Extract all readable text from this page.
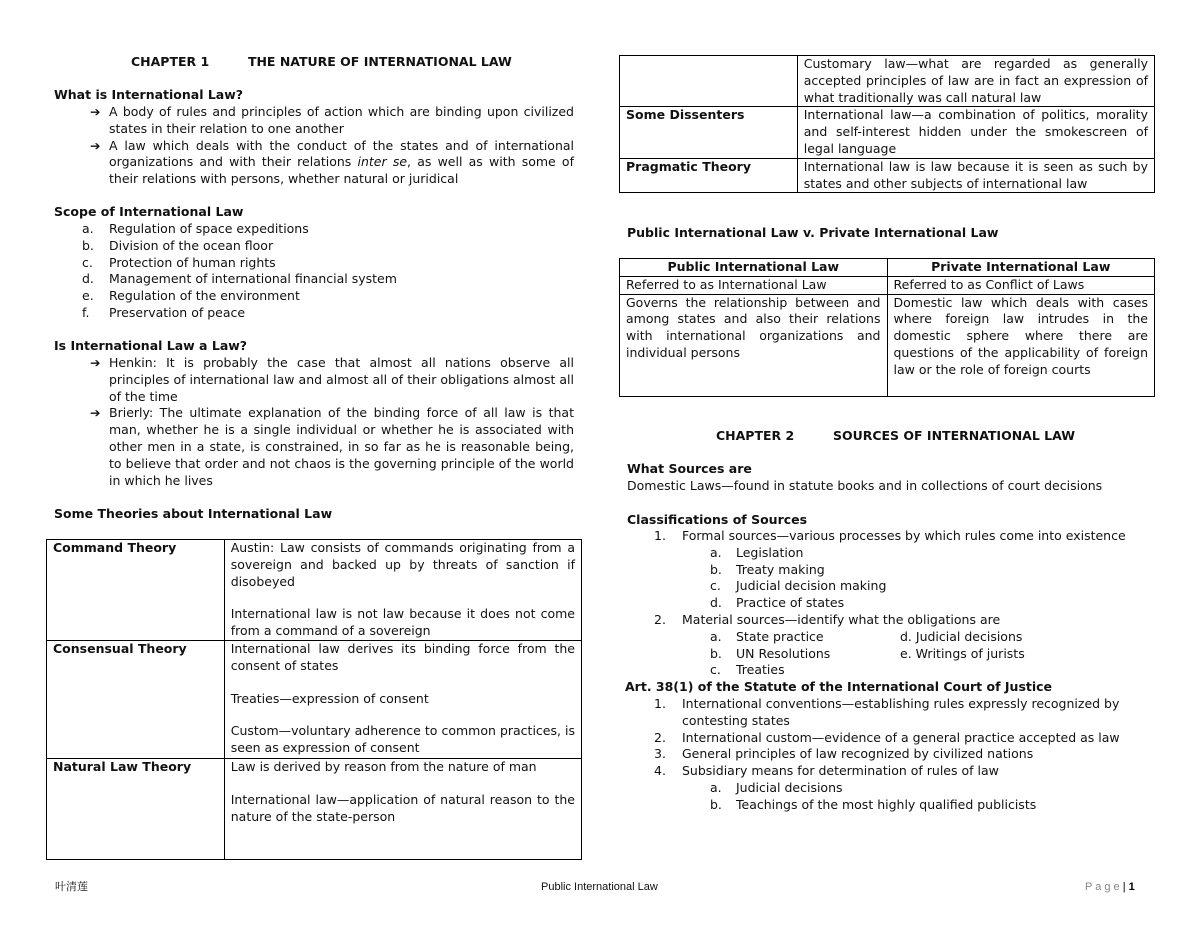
CHAPTER 1	THE NATURE OF INTERNATIONAL LAW
What is International Law?
➔ A body of rules and principles of action which are binding upon civilized states in their relation to one another
➔ A law which deals with the conduct of the states and of international organizations and with their relations inter se, as well as with some of their relations with persons, whether natural or juridical
Scope of International Law
a. Regulation of space expeditions
b. Division of the ocean floor
c. Protection of human rights
d. Management of international financial system
e. Regulation of the environment
f. Preservation of peace
Is International Law a Law?
➔ Henkin: It is probably the case that almost all nations observe all principles of international law and almost all of their obligations almost all of the time
➔ Brierly: The ultimate explanation of the binding force of all law is that man, whether he is a single individual or whether he is associated with other men in a state, is constrained, in so far as he is reasonable being, to believe that order and not chaos is the governing principle of the world in which he lives
Some Theories about International Law
Command Theory	Austin: Law consists of commands originating from a sovereign and backed up by threats of sanction if disobeyed
International law is not law because it does not come from a command of a sovereign

Consensual Theory	International law derives its binding force from the consent of states
Treaties—expression of consent
Custom—voluntary adherence to common practices, is seen as expression of consent

Natural Law Theory	Law is derived by reason from the nature of man
International law—application of natural reason to the nature of the state-person
	Customary law—what are regarded as generally accepted principles of law are in fact an expression of what traditionally was call natural law
Some Dissenters	International law—a combination of politics, morality and self-interest hidden under the smokescreen of legal language
Pragmatic Theory	International law is law because it is seen as such by states and other subjects of international law
Public International Law v. Private International Law
Public International Law	Private International Law
Referred to as International Law	Referred to as Conflict of Laws
Governs the relationship between and among states and also their relations with international organizations and individual persons	Domestic law which deals with cases where foreign law intrudes in the domestic sphere where there are questions of the applicability of foreign law or the role of foreign courts
CHAPTER 2	SOURCES OF INTERNATIONAL LAW
What Sources are
Domestic Laws—found in statute books and in collections of court decisions
Classifications of Sources
1. Formal sources—various processes by which rules come into existence
a. Legislation
b. Treaty making
c. Judicial decision making
d. Practice of states
2. Material sources—identify what the obligations are
a. State practice
b. UN Resolutions
c. Treaties
d. Judicial decisions
e. Writings of jurists
Art. 38(1) of the Statute of the International Court of Justice
1. International conventions—establishing rules expressly recognized by contesting states
2. International custom—evidence of a general practice accepted as law
3. General principles of law recognized by civilized nations
4. Subsidiary means for determination of rules of law
a. Judicial decisions
b. Teachings of the most highly qualified publicists
叶清莲	Public International Law	P a g e | 1
